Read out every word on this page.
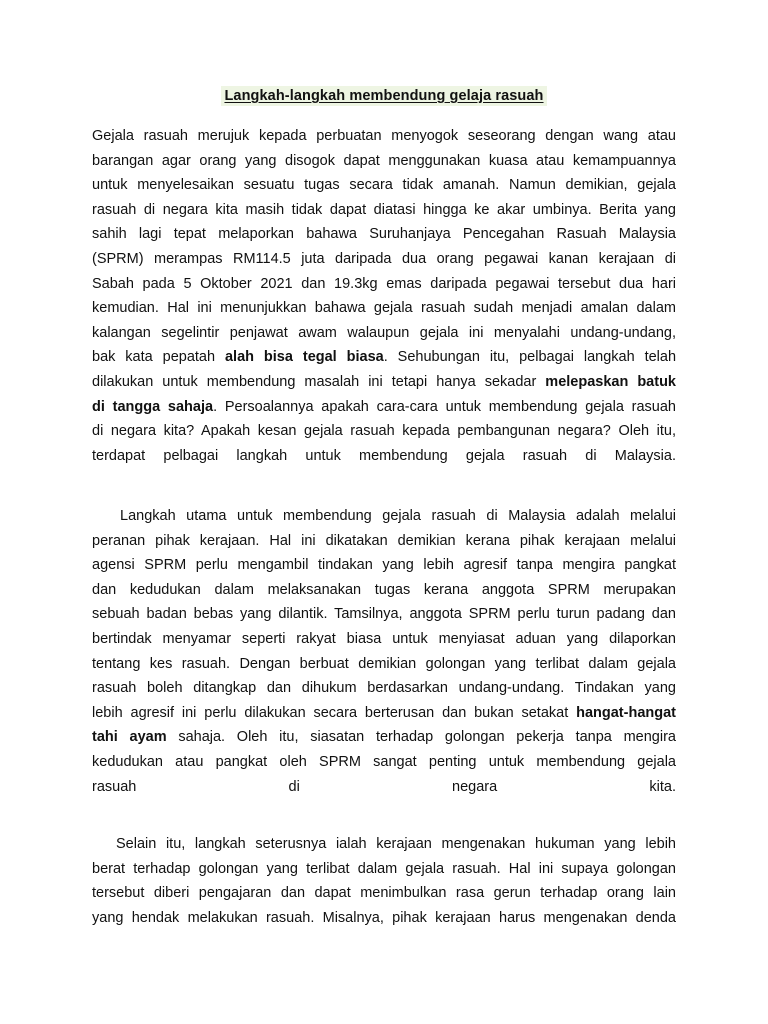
Langkah-langkah membendung gelaja rasuah
Gejala rasuah merujuk kepada perbuatan menyogok seseorang dengan wang atau
barangan agar orang yang disogok dapat menggunakan kuasa atau kemampuannya
untuk menyelesaikan sesuatu tugas secara tidak amanah. Namun demikian, gejala
rasuah di negara kita masih tidak dapat diatasi hingga ke akar umbinya. Berita yang
sahih lagi tepat melaporkan bahawa Suruhanjaya Pencegahan Rasuah Malaysia
(SPRM) merampas RM114.5 juta daripada dua orang pegawai kanan kerajaan di
Sabah pada 5 Oktober 2021 dan 19.3kg emas daripada pegawai tersebut dua hari
kemudian. Hal ini menunjukkan bahawa gejala rasuah sudah menjadi amalan dalam
kalangan segelintir penjawat awam walaupun gejala ini menyalahi undang-undang,
bak kata pepatah alah bisa tegal biasa. Sehubungan itu, pelbagai langkah telah
dilakukan untuk membendung masalah ini tetapi hanya sekadar melepaskan batuk
di tangga sahaja. Persoalannya apakah cara-cara untuk membendung gejala rasuah
di negara kita? Apakah kesan gejala rasuah kepada pembangunan negara? Oleh itu,
terdapat pelbagai langkah untuk membendung gejala rasuah di Malaysia.
Langkah utama untuk membendung gejala rasuah di Malaysia adalah melalui
peranan pihak kerajaan. Hal ini dikatakan demikian kerana pihak kerajaan melalui
agensi SPRM perlu mengambil tindakan yang lebih agresif tanpa mengira pangkat
dan kedudukan dalam melaksanakan tugas kerana anggota SPRM merupakan
sebuah badan bebas yang dilantik. Tamsilnya, anggota SPRM perlu turun padang dan
bertindak menyamar seperti rakyat biasa untuk menyiasat aduan yang dilaporkan
tentang kes rasuah. Dengan berbuat demikian golongan yang terlibat dalam gejala
rasuah boleh ditangkap dan dihukum berdasarkan undang-undang. Tindakan yang
lebih agresif ini perlu dilakukan secara berterusan dan bukan setakat hangat-hangat
tahi ayam sahaja. Oleh itu, siasatan terhadap golongan pekerja tanpa mengira
kedudukan atau pangkat oleh SPRM sangat penting untuk membendung gejala
rasuah di negara kita.
Selain itu, langkah seterusnya ialah kerajaan mengenakan hukuman yang lebih
berat terhadap golongan yang terlibat dalam gejala rasuah. Hal ini supaya golongan
tersebut diberi pengajaran dan dapat menimbulkan rasa gerun terhadap orang lain
yang hendak melakukan rasuah. Misalnya, pihak kerajaan harus mengenakan denda
